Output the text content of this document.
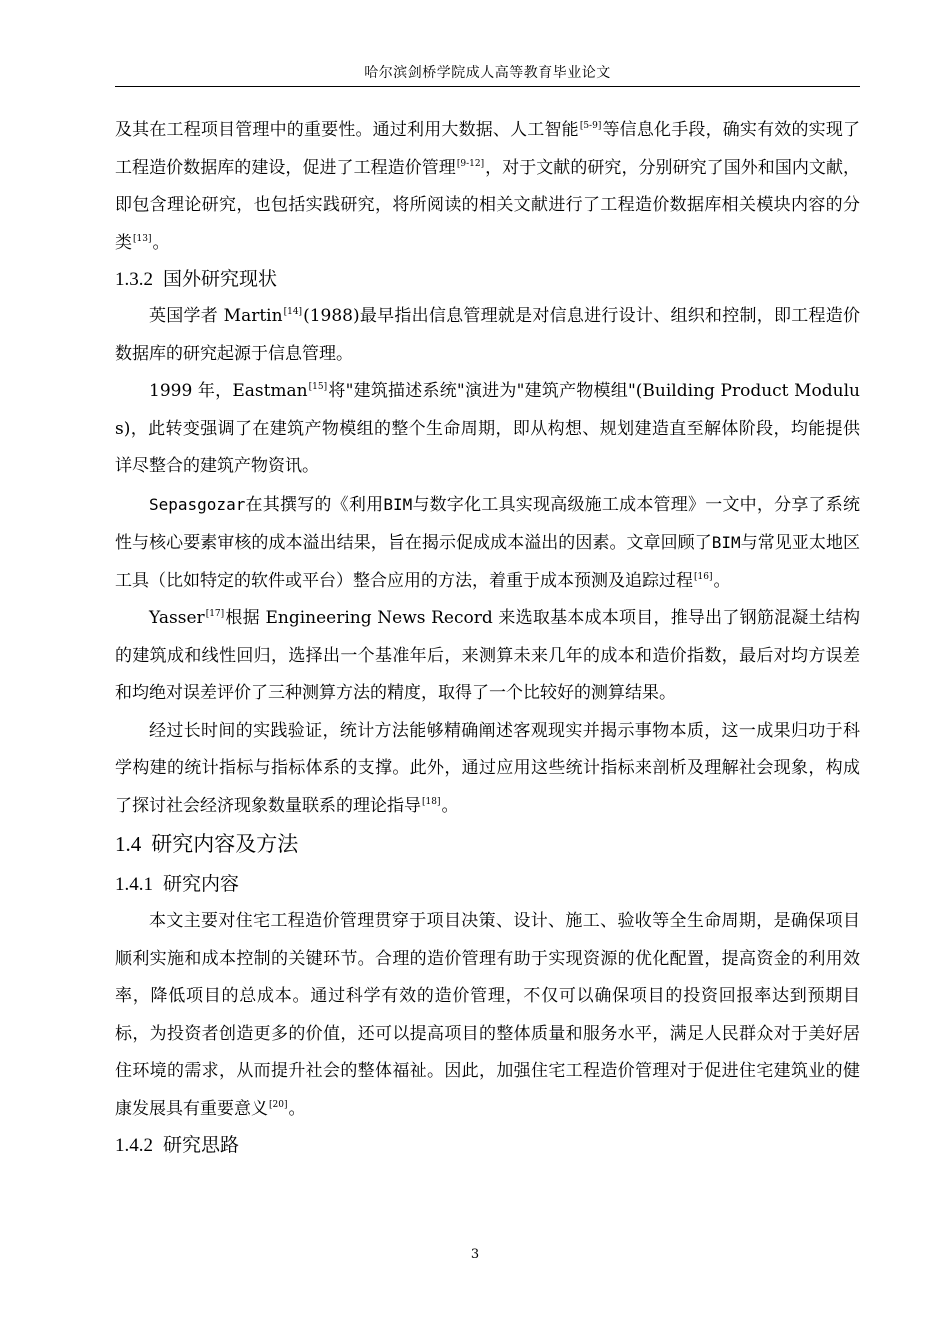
哈尔滨剑桥学院成人高等教育毕业论文

及其在工程项目管理中的重要性。通过利用大数据、人工智能[5-9]等信息化手段，确实有效的实现了工程造价数据库的建设，促进了工程造价管理[9-12]，对于文献的研究，分别研究了国外和国内文献，即包含理论研究，也包括实践研究，将所阅读的相关文献进行了工程造价数据库相关模块内容的分类[13]。

1.3.2 国外研究现状

英国学者 Martin[14](1988)最早指出信息管理就是对信息进行设计、组织和控制，即工程造价数据库的研究起源于信息管理。

1999 年，Eastman[15]将"建筑描述系统"演进为"建筑产物模组"(Building Product Modulus)，此转变强调了在建筑产物模组的整个生命周期，即从构想、规划建造直至解体阶段，均能提供详尽整合的建筑产物资讯。

Sepasgozar在其撰写的《利用BIM与数字化工具实现高级施工成本管理》一文中，分享了系统性与核心要素审核的成本溢出结果，旨在揭示促成成本溢出的因素。文章回顾了BIM与常见亚太地区工具（比如特定的软件或平台）整合应用的方法，着重于成本预测及追踪过程[16]。

Yasser[17]根据 Engineering News Record 来选取基本成本项目，推导出了钢筋混凝土结构的建筑成和线性回归，选择出一个基准年后，来测算未来几年的成本和造价指数，最后对均方误差和均绝对误差评价了三种测算方法的精度，取得了一个比较好的测算结果。

经过长时间的实践验证，统计方法能够精确阐述客观现实并揭示事物本质，这一成果归功于科学构建的统计指标与指标体系的支撑。此外，通过应用这些统计指标来剖析及理解社会现象，构成了探讨社会经济现象数量联系的理论指导[18]。

1.4 研究内容及方法
1.4.1 研究内容

本文主要对住宅工程造价管理贯穿于项目决策、设计、施工、验收等全生命周期，是确保项目顺利实施和成本控制的关键环节。合理的造价管理有助于实现资源的优化配置，提高资金的利用效率，降低项目的总成本。通过科学有效的造价管理，不仅可以确保项目的投资回报率达到预期目标，为投资者创造更多的价值，还可以提高项目的整体质量和服务水平，满足人民群众对于美好居住环境的需求，从而提升社会的整体福祉。因此，加强住宅工程造价管理对于促进住宅建筑业的健康发展具有重要意义[20]。

1.4.2 研究思路
3
